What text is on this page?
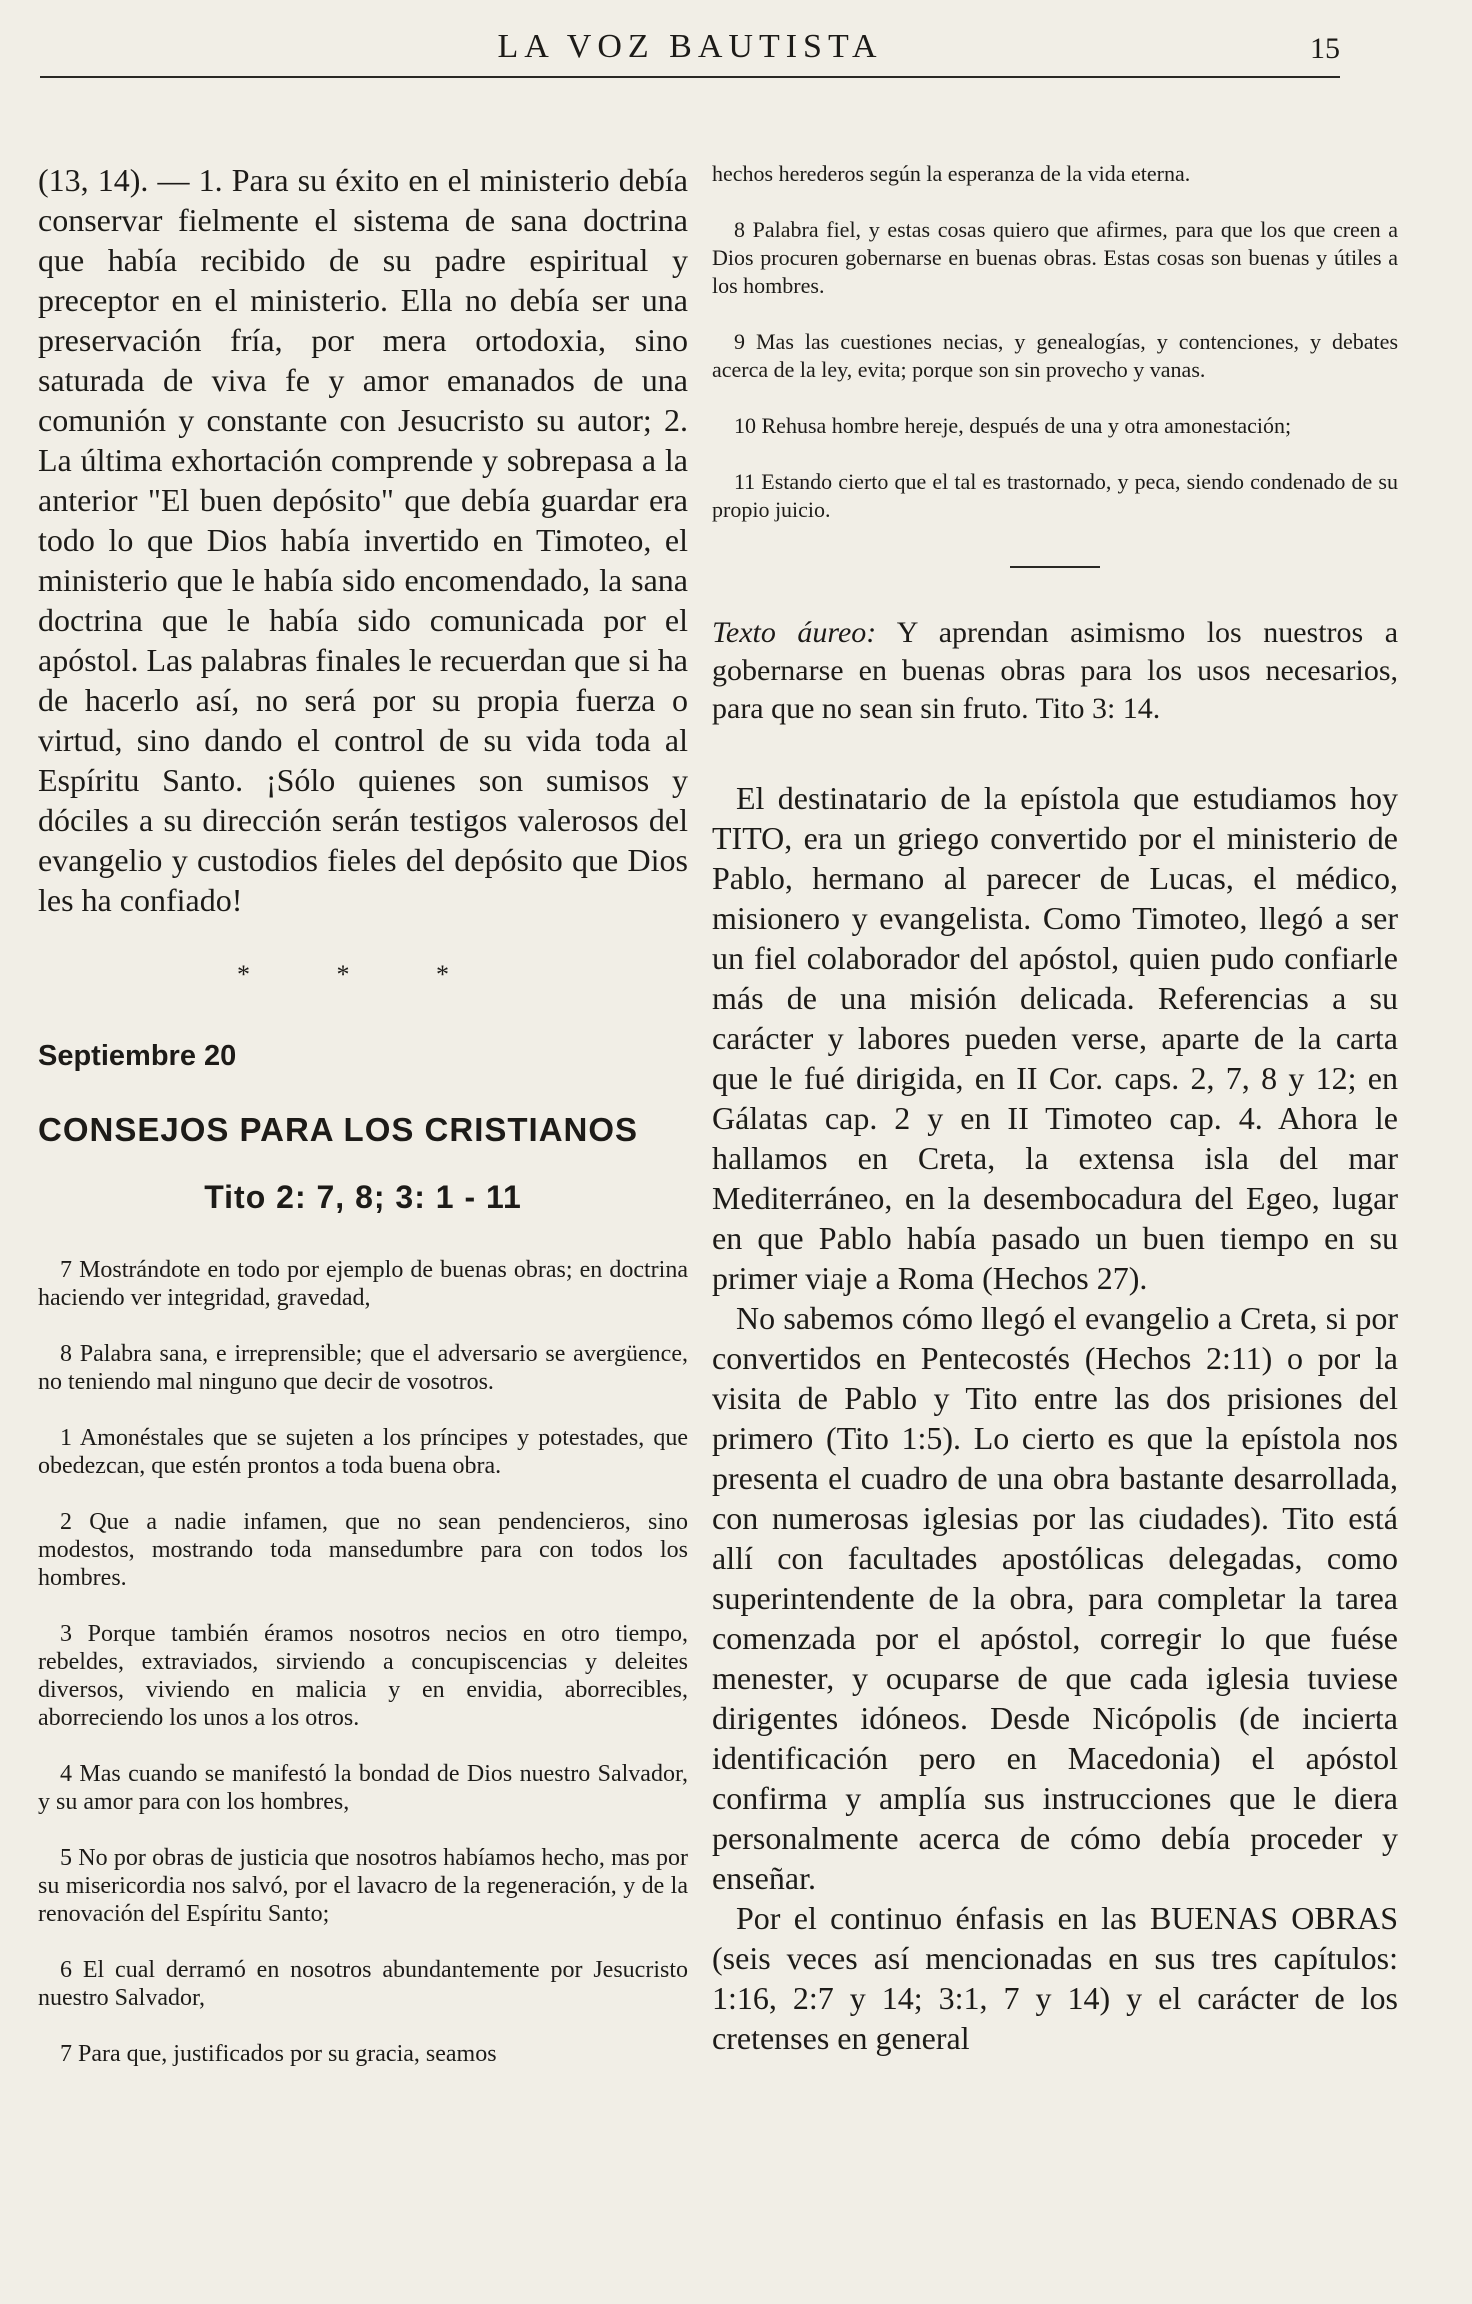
LA VOZ BAUTISTA	15

(13, 14). — 1. Para su éxito en el ministerio debía conservar fielmente el sistema de sana doctrina que había recibido de su padre espiritual y preceptor en el ministerio. Ella no debía ser una preservación fría, por mera ortodoxia, sino saturada de viva fe y amor emanados de una comunión y constante con Jesucristo su autor; 2. La última exhortación comprende y sobrepasa a la anterior "El buen depósito" que debía guardar era todo lo que Dios había invertido en Timoteo, el ministerio que le había sido encomendado, la sana doctrina que le había sido comunicada por el apóstol. Las palabras finales le recuerdan que si ha de hacerlo así, no será por su propia fuerza o virtud, sino dando el control de su vida toda al Espíritu Santo. ¡Sólo quienes son sumisos y dóciles a su dirección serán testigos valerosos del evangelio y custodios fieles del depósito que Dios les ha confiado!

* * *
Septiembre 20
CONSEJOS PARA LOS CRISTIANOS
Tito 2: 7, 8; 3: 1 - 11

7 Mostrándote en todo por ejemplo de buenas obras; en doctrina haciendo ver integridad, gravedad,

8 Palabra sana, e irreprensible; que el adversario se avergüence, no teniendo mal ninguno que decir de vosotros.

1 Amonéstales que se sujeten a los príncipes y potestades, que obedezcan, que estén prontos a toda buena obra.

2 Que a nadie infamen, que no sean pendencieros, sino modestos, mostrando toda mansedumbre para con todos los hombres.

3 Porque también éramos nosotros necios en otro tiempo, rebeldes, extraviados, sirviendo a concupiscencias y deleites diversos, viviendo en malicia y en envidia, aborrecibles, aborreciendo los unos a los otros.

4 Mas cuando se manifestó la bondad de Dios nuestro Salvador, y su amor para con los hombres,

5 No por obras de justicia que nosotros habíamos hecho, mas por su misericordia nos salvó, por el lavacro de la regeneración, y de la renovación del Espíritu Santo;

6 El cual derramó en nosotros abundantemente por Jesucristo nuestro Salvador,

7 Para que, justificados por su gracia, seamos

hechos herederos según la esperanza de la vida eterna.

8 Palabra fiel, y estas cosas quiero que afirmes, para que los que creen a Dios procuren gobernarse en buenas obras. Estas cosas son buenas y útiles a los hombres.

9 Mas las cuestiones necias, y genealogías, y contenciones, y debates acerca de la ley, evita; porque son sin provecho y vanas.

10 Rehusa hombre hereje, después de una y otra amonestación;

11 Estando cierto que el tal es trastornado, y peca, siendo condenado de su propio juicio.

Texto áureo: Y aprendan asimismo los nuestros a gobernarse en buenas obras para los usos necesarios, para que no sean sin fruto. Tito 3: 14.

El destinatario de la epístola que estudiamos hoy TITO, era un griego convertido por el ministerio de Pablo, hermano al parecer de Lucas, el médico, misionero y evangelista. Como Timoteo, llegó a ser un fiel colaborador del apóstol, quien pudo confiarle más de una misión delicada. Referencias a su carácter y labores pueden verse, aparte de la carta que le fué dirigida, en II Cor. caps. 2, 7, 8 y 12; en Gálatas cap. 2 y en II Timoteo cap. 4. Ahora le hallamos en Creta, la extensa isla del mar Mediterráneo, en la desembocadura del Egeo, lugar en que Pablo había pasado un buen tiempo en su primer viaje a Roma (Hechos 27).

No sabemos cómo llegó el evangelio a Creta, si por convertidos en Pentecostés (Hechos 2:11) o por la visita de Pablo y Tito entre las dos prisiones del primero (Tito 1:5). Lo cierto es que la epístola nos presenta el cuadro de una obra bastante desarrollada, con numerosas iglesias por las ciudades). Tito está allí con facultades apostólicas delegadas, como superintendente de la obra, para completar la tarea comenzada por el apóstol, corregir lo que fuése menester, y ocuparse de que cada iglesia tuviese dirigentes idóneos. Desde Nicópolis (de incierta identificación pero en Macedonia) el apóstol confirma y amplía sus instrucciones que le diera personalmente acerca de cómo debía proceder y enseñar.

Por el continuo énfasis en las BUENAS OBRAS (seis veces así mencionadas en sus tres capítulos: 1:16, 2:7 y 14; 3:1, 7 y 14) y el carácter de los cretenses en general
